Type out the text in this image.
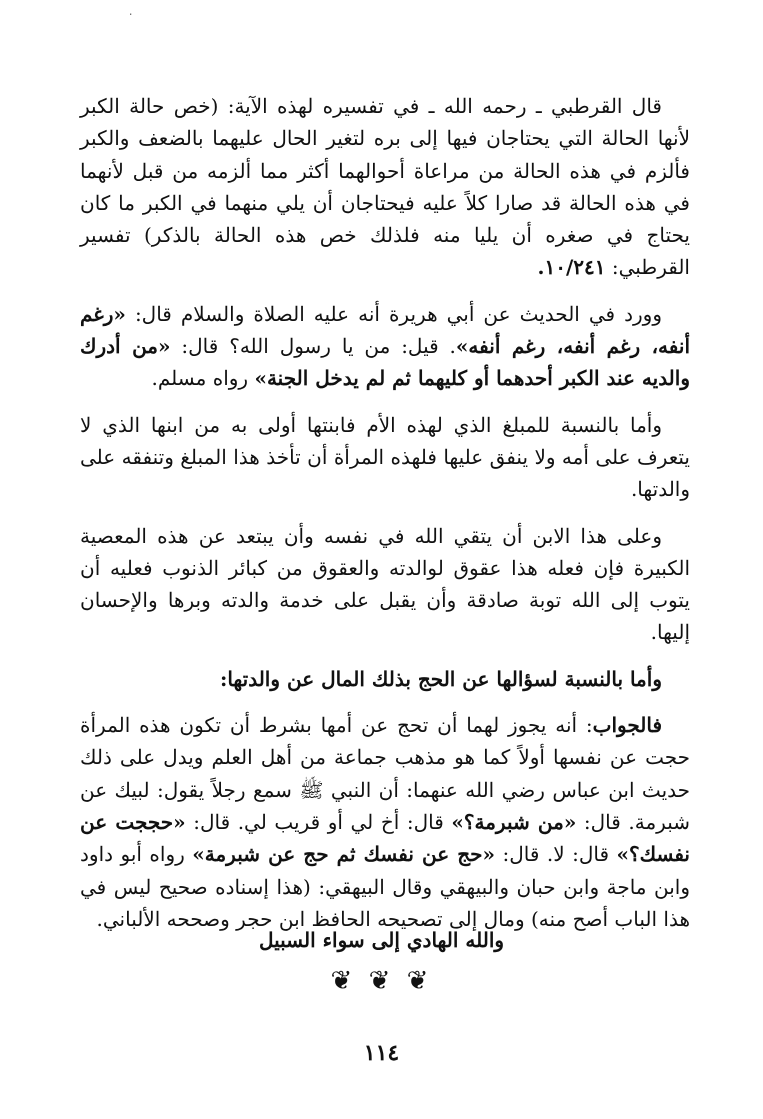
٠

قال القرطبي ـ رحمه الله ـ في تفسيره لهذه الآية: (خص حالة الكبر لأنها الحالة التي يحتاجان فيها إلى بره لتغير الحال عليهما بالضعف والكبر فألزم في هذه الحالة من مراعاة أحوالهما أكثر مما ألزمه من قبل لأنهما في هذه الحالة قد صارا كلاً عليه فيحتاجان أن يلي منهما في الكبر ما كان يحتاج في صغره أن يليا منه فلذلك خص هذه الحالة بالذكر) تفسير القرطبي: ١٠/٢٤١.

وورد في الحديث عن أبي هريرة أنه عليه الصلاة والسلام قال: «رغم أنفه، رغم أنفه، رغم أنفه». قيل: من يا رسول الله؟ قال: «من أدرك والديه عند الكبر أحدهما أو كليهما ثم لم يدخل الجنة» رواه مسلم.

وأما بالنسبة للمبلغ الذي لهذه الأم فابنتها أولى به من ابنها الذي لا يتعرف على أمه ولا ينفق عليها فلهذه المرأة أن تأخذ هذا المبلغ وتنفقه على والدتها.

وعلى هذا الابن أن يتقي الله في نفسه وأن يبتعد عن هذه المعصية الكبيرة فإن فعله هذا عقوق لوالدته والعقوق من كبائر الذنوب فعليه أن يتوب إلى الله توبة صادقة وأن يقبل على خدمة والدته وبرها والإحسان إليها.

وأما بالنسبة لسؤالها عن الحج بذلك المال عن والدتها:

فالجواب: أنه يجوز لهما أن تحج عن أمها بشرط أن تكون هذه المرأة حجت عن نفسها أولاً كما هو مذهب جماعة من أهل العلم ويدل على ذلك حديث ابن عباس رضي الله عنهما: أن النبي ﷺ سمع رجلاً يقول: لبيك عن شبرمة. قال: «من شبرمة؟» قال: أخ لي أو قريب لي. قال: «حججت عن نفسك؟» قال: لا. قال: «حج عن نفسك ثم حج عن شبرمة» رواه أبو داود وابن ماجة وابن حبان والبيهقي وقال البيهقي: (هذا إسناده صحيح ليس في هذا الباب أصح منه) ومال إلى تصحيحه الحافظ ابن حجر وصححه الألباني.

والله الهادي إلى سواء السبيل
❦ ❦ ❦
١١٤
